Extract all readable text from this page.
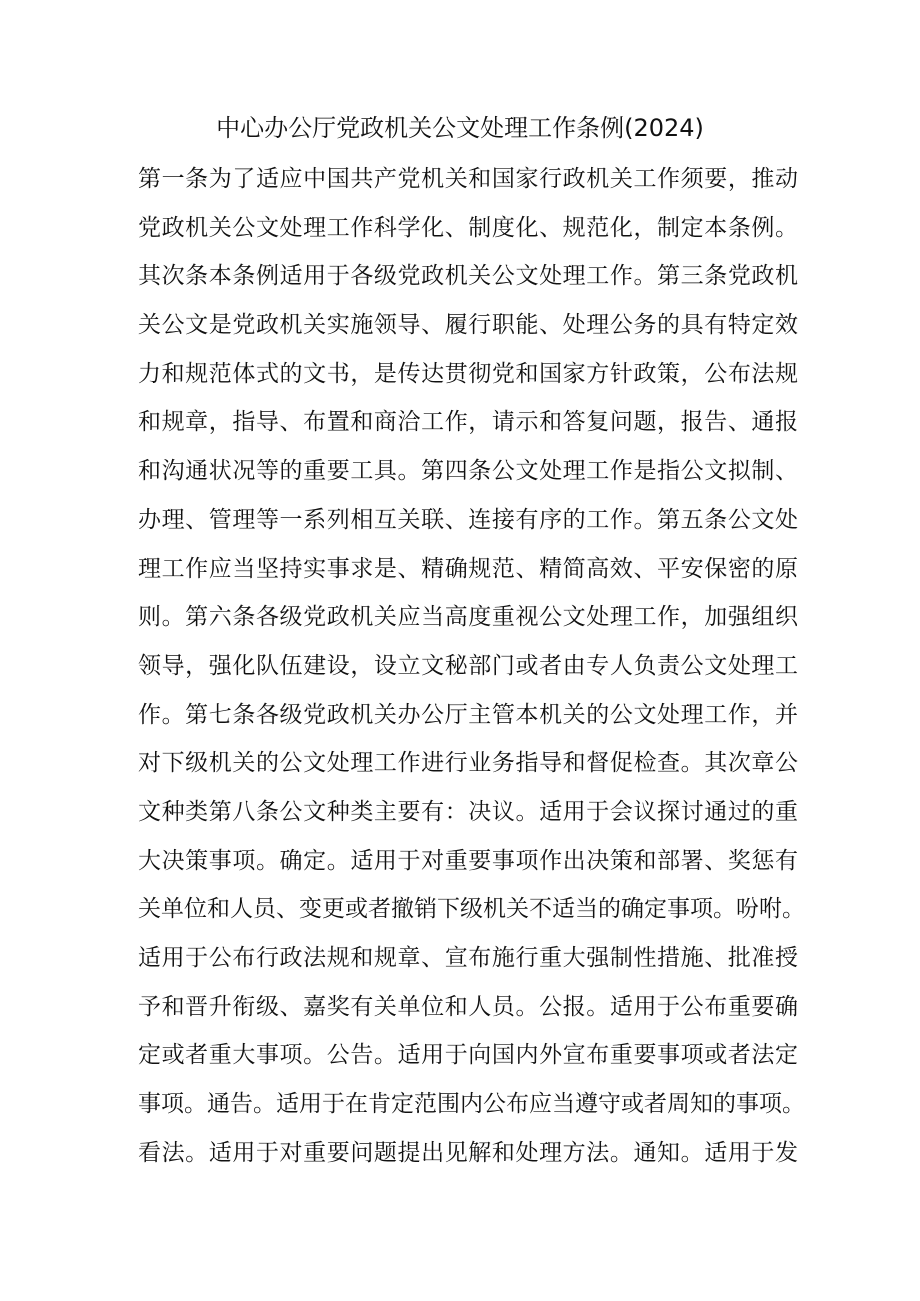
中心办公厅党政机关公文处理工作条例(2024)
第一条为了适应中国共产党机关和国家行政机关工作须要，推动
党政机关公文处理工作科学化、制度化、规范化，制定本条例。
其次条本条例适用于各级党政机关公文处理工作。第三条党政机
关公文是党政机关实施领导、履行职能、处理公务的具有特定效
力和规范体式的文书，是传达贯彻党和国家方针政策，公布法规
和规章，指导、布置和商洽工作，请示和答复问题，报告、通报
和沟通状况等的重要工具。第四条公文处理工作是指公文拟制、
办理、管理等一系列相互关联、连接有序的工作。第五条公文处
理工作应当坚持实事求是、精确规范、精简高效、平安保密的原
则。第六条各级党政机关应当高度重视公文处理工作，加强组织
领导，强化队伍建设，设立文秘部门或者由专人负责公文处理工
作。第七条各级党政机关办公厅主管本机关的公文处理工作，并
对下级机关的公文处理工作进行业务指导和督促检查。其次章公
文种类第八条公文种类主要有：决议。适用于会议探讨通过的重
大决策事项。确定。适用于对重要事项作出决策和部署、奖惩有
关单位和人员、变更或者撤销下级机关不适当的确定事项。吩咐。
适用于公布行政法规和规章、宣布施行重大强制性措施、批准授
予和晋升衔级、嘉奖有关单位和人员。公报。适用于公布重要确
定或者重大事项。公告。适用于向国内外宣布重要事项或者法定
事项。通告。适用于在肯定范围内公布应当遵守或者周知的事项。
看法。适用于对重要问题提出见解和处理方法。通知。适用于发
